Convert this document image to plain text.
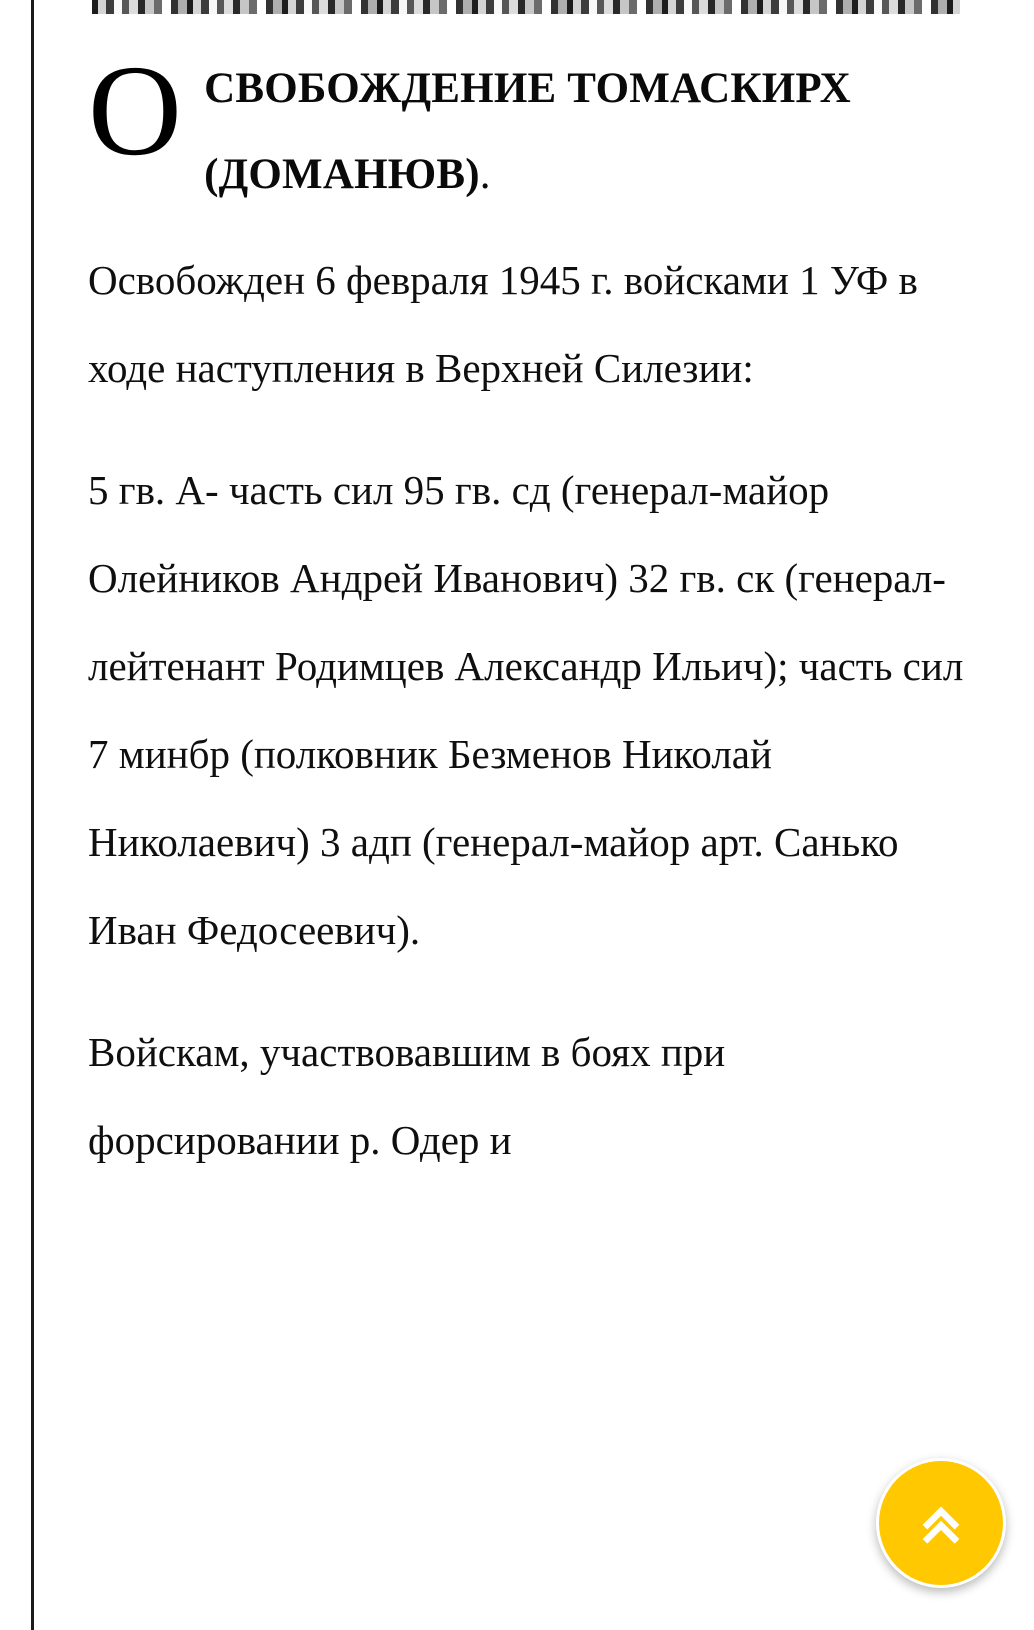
ОСВОБОЖДЕНИЕ ТОМАСКИРХ (ДОМАНЮВ).

Освобожден 6 февраля 1945 г. войсками 1 УФ в ходе наступления в Верхней Силезии:

5 гв. А- часть сил 95 гв. сд (генерал-майор Олейников Андрей Иванович) 32 гв. ск (генерал-лейтенант Родимцев Александр Ильич); часть сил 7 минбр (полковник Безменов Николай Николаевич) 3 адп (генерал-майор арт. Санько Иван Федосеевич).

Войскам, участвовавшим в боях при форсировании р. Одер и
